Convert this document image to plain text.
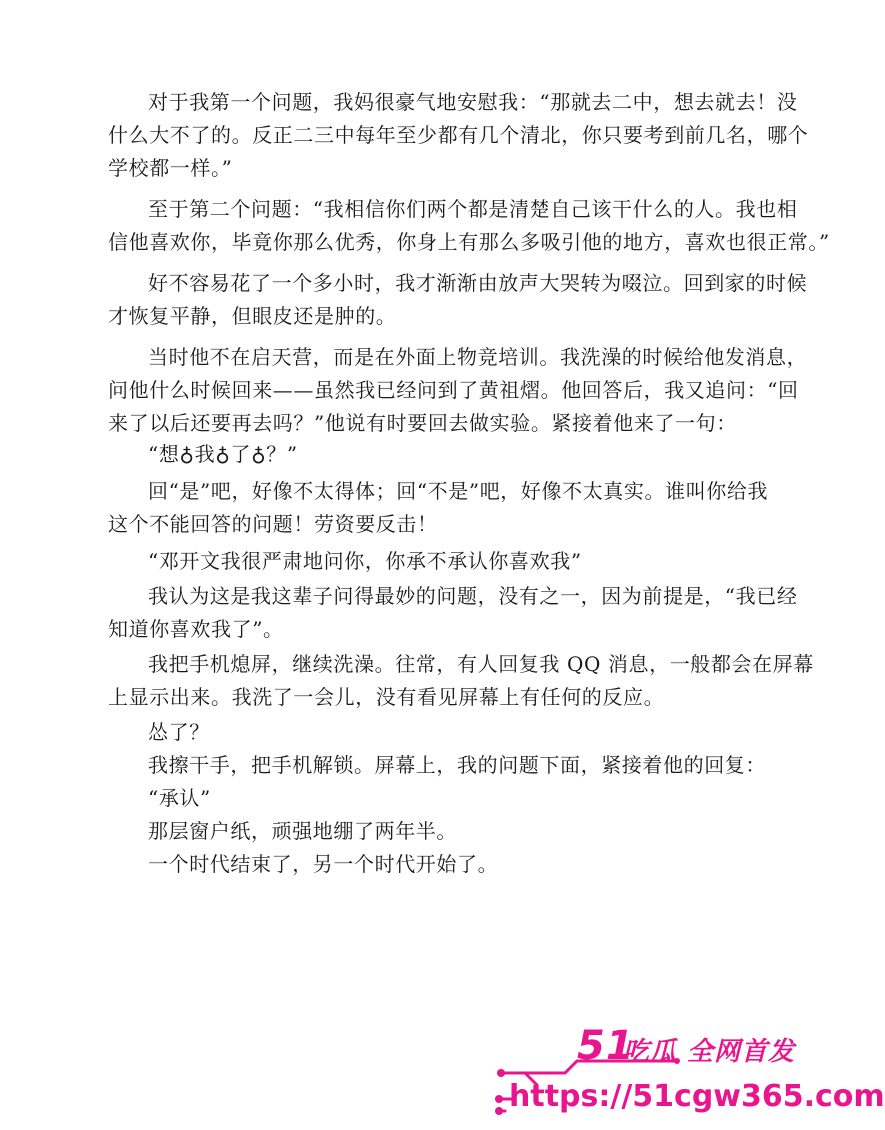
对于我第一个问题，我妈很豪气地安慰我：“那就去二中，想去就去！没
什么大不了的。反正二三中每年至少都有几个清北，你只要考到前几名，哪个
学校都一样。”
至于第二个问题：“我相信你们两个都是清楚自己该干什么的人。我也相
信他喜欢你，毕竟你那么优秀，你身上有那么多吸引他的地方，喜欢也很正常。”
好不容易花了一个多小时，我才渐渐由放声大哭转为啜泣。回到家的时候
才恢复平静，但眼皮还是肿的。
当时他不在启天营，而是在外面上物竞培训。我洗澡的时候给他发消息，
问他什么时候回来——虽然我已经问到了黄祖熠。他回答后，我又追问：“回
来了以后还要再去吗？”他说有时要回去做实验。紧接着他来了一句：
“想♁我♁了♁？”
回“是”吧，好像不太得体；回“不是”吧，好像不太真实。谁叫你给我
这个不能回答的问题！劳资要反击！
“邓开文我很严肃地问你，你承不承认你喜欢我”
我认为这是我这辈子问得最妙的问题，没有之一，因为前提是，“我已经
知道你喜欢我了”。
我把手机熄屏，继续洗澡。往常，有人回复我 QQ 消息，一般都会在屏幕
上显示出来。我洗了一会儿，没有看见屏幕上有任何的反应。
怂了？
我擦干手，把手机解锁。屏幕上，我的问题下面，紧接着他的回复：
“承认”
那层窗户纸，顽强地绷了两年半。
一个时代结束了，另一个时代开始了。
51
吃瓜 全网首发
https://51cgw365.com
